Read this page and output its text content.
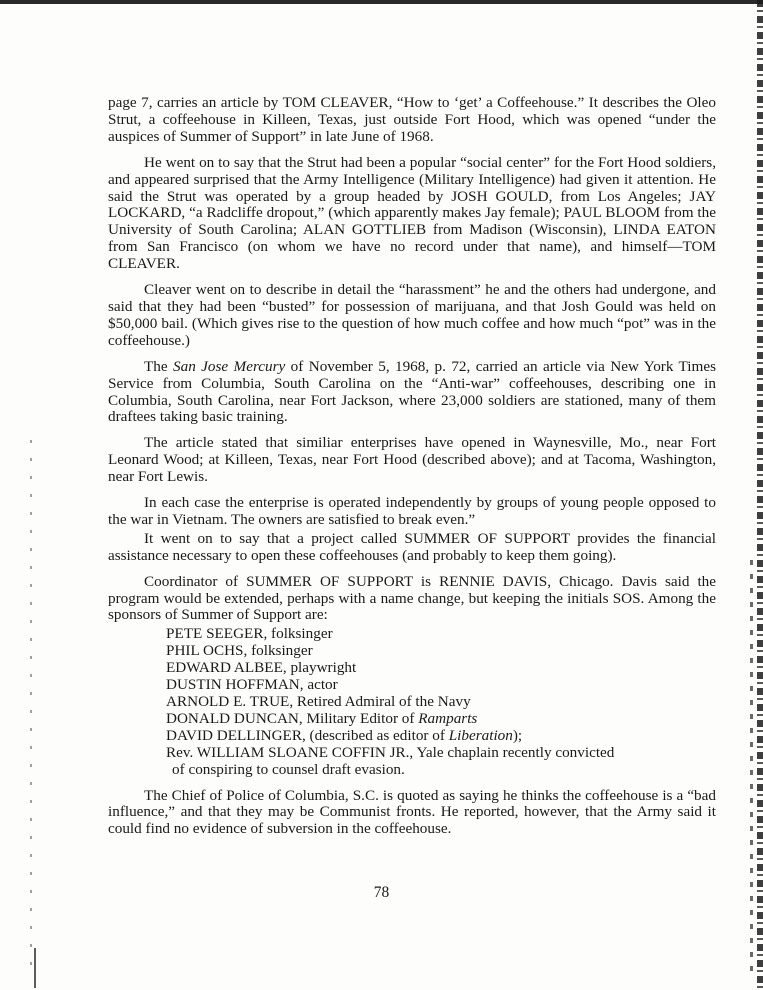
page 7, carries an article by TOM CLEAVER, “How to ‘get’ a Coffeehouse.” It describes the Oleo Strut, a coffeehouse in Killeen, Texas, just outside Fort Hood, which was opened “under the auspices of Summer of Support” in late June of 1968.

He went on to say that the Strut had been a popular “social center” for the Fort Hood soldiers, and appeared surprised that the Army Intelligence (Military Intelligence) had given it attention. He said the Strut was operated by a group headed by JOSH GOULD, from Los Angeles; JAY LOCKARD, “a Radcliffe dropout,” (which apparently makes Jay female); PAUL BLOOM from the University of South Carolina; ALAN GOTTLIEB from Madison (Wisconsin), LINDA EATON from San Francisco (on whom we have no record under that name), and himself—TOM CLEAVER.

Cleaver went on to describe in detail the “harassment” he and the others had undergone, and said that they had been “busted” for possession of marijuana, and that Josh Gould was held on $50,000 bail. (Which gives rise to the question of how much coffee and how much “pot” was in the coffeehouse.)

The San Jose Mercury of November 5, 1968, p. 72, carried an article via New York Times Service from Columbia, South Carolina on the “Anti-war” coffeehouses, describing one in Columbia, South Carolina, near Fort Jackson, where 23,000 soldiers are stationed, many of them draftees taking basic training.

The article stated that similiar enterprises have opened in Waynesville, Mo., near Fort Leonard Wood; at Killeen, Texas, near Fort Hood (described above); and at Tacoma, Washington, near Fort Lewis.

In each case the enterprise is operated independently by groups of young people opposed to the war in Vietnam. The owners are satisfied to break even.”

It went on to say that a project called SUMMER OF SUPPORT provides the financial assistance necessary to open these coffeehouses (and probably to keep them going).

Coordinator of SUMMER OF SUPPORT is RENNIE DAVIS, Chicago. Davis said the program would be extended, perhaps with a name change, but keeping the initials SOS. Among the sponsors of Summer of Support are:

PETE SEEGER, folksinger
PHIL OCHS, folksinger
EDWARD ALBEE, playwright
DUSTIN HOFFMAN, actor
ARNOLD E. TRUE, Retired Admiral of the Navy
DONALD DUNCAN, Military Editor of Ramparts
DAVID DELLINGER, (described as editor of Liberation);
Rev. WILLIAM SLOANE COFFIN JR., Yale chaplain recently convicted
of conspiring to counsel draft evasion.

The Chief of Police of Columbia, S.C. is quoted as saying he thinks the coffeehouse is a “bad influence,” and that they may be Communist fronts. He reported, however, that the Army said it could find no evidence of subversion in the coffeehouse.

78
